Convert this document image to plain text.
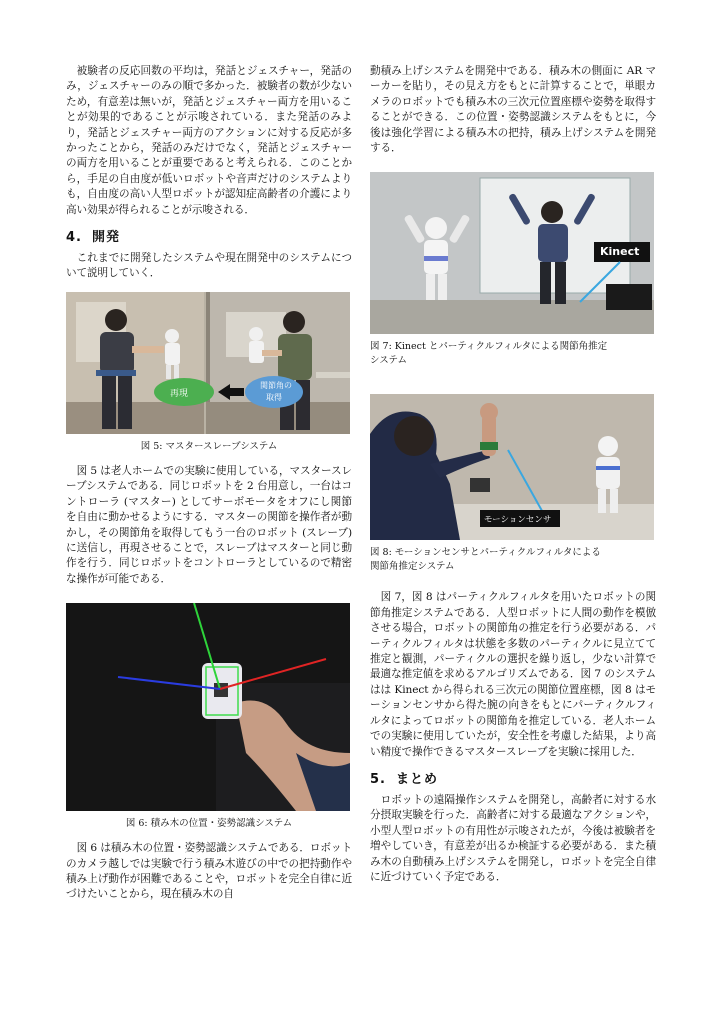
被験者の反応回数の平均は，発話とジェスチャー，発話のみ，ジェスチャーのみの順で多かった．被験者の数が少ないため，有意差は無いが，発話とジェスチャー両方を用いることが効果的であることが示唆されている．また発話のみより，発話とジェスチャー両方のアクションに対する反応が多かったことから，発話のみだけでなく，発話とジェスチャーの両方を用いることが重要であると考えられる．このことから，手足の自由度が低いロボットや音声だけのシステムよりも，自由度の高い人型ロボットが認知症高齢者の介護により高い効果が得られることが示唆される．

4. 開発

これまでに開発したシステムや現在開発中のシステムについて説明していく．

再現
関節角の
取得

図 5: マスタースレーブシステム

図 5 は老人ホームでの実験に使用している，マスタースレーブシステムである．同じロボットを 2 台用意し，一台はコントローラ (マスター) としてサーボモータをオフにし関節を自由に動かせるようにする．マスターの関節を操作者が動かし，その関節角を取得してもう一台のロボット (スレーブ) に送信し，再現させることで，スレーブはマスターと同じ動作を行う．同じロボットをコントローラとしているので精密な操作が可能である．

図 6: 積み木の位置・姿勢認識システム

図 6 は積み木の位置・姿勢認識システムである．ロボットのカメラ越しでは実験で行う積み木遊びの中での把持動作や積み上げ動作が困難であることや，ロボットを完全自律に近づけたいことから，現在積み木の自

動積み上げシステムを開発中である．積み木の側面に AR マーカーを貼り，その見え方をもとに計算することで，単眼カメラのロボットでも積み木の三次元位置座標や姿勢を取得することができる．この位置・姿勢認識システムをもとに，今後は強化学習による積み木の把持，積み上げシステムを開発する．

Kinect

図 7: Kinect とパーティクルフィルタによる関節角推定
システム

モーションセンサ

図 8: モーションセンサとパーティクルフィルタによる
関節角推定システム

図 7，図 8 はパーティクルフィルタを用いたロボットの関節角推定システムである．人型ロボットに人間の動作を模倣させる場合，ロボットの関節角の推定を行う必要がある．パーティクルフィルタは状態を多数のパーティクルに見立てて推定と観測，パーティクルの選択を繰り返し，少ない計算で最適な推定値を求めるアルゴリズムである．図 7 のシステムはは Kinect から得られる三次元の関節位置座標，図 8 はモーションセンサから得た腕の向きをもとにパーティクルフィルタによってロボットの関節角を推定している．老人ホームでの実験に使用していたが，安全性を考慮した結果，より高い精度で操作できるマスタースレーブを実験に採用した．

5. まとめ

ロボットの遠隔操作システムを開発し，高齢者に対する水分摂取実験を行った．高齢者に対する最適なアクションや，小型人型ロボットの有用性が示唆されたが，今後は被験者を増やしていき，有意差が出るか検証する必要がある．また積み木の自動積み上げシステムを開発し，ロボットを完全自律に近づけていく予定である．
